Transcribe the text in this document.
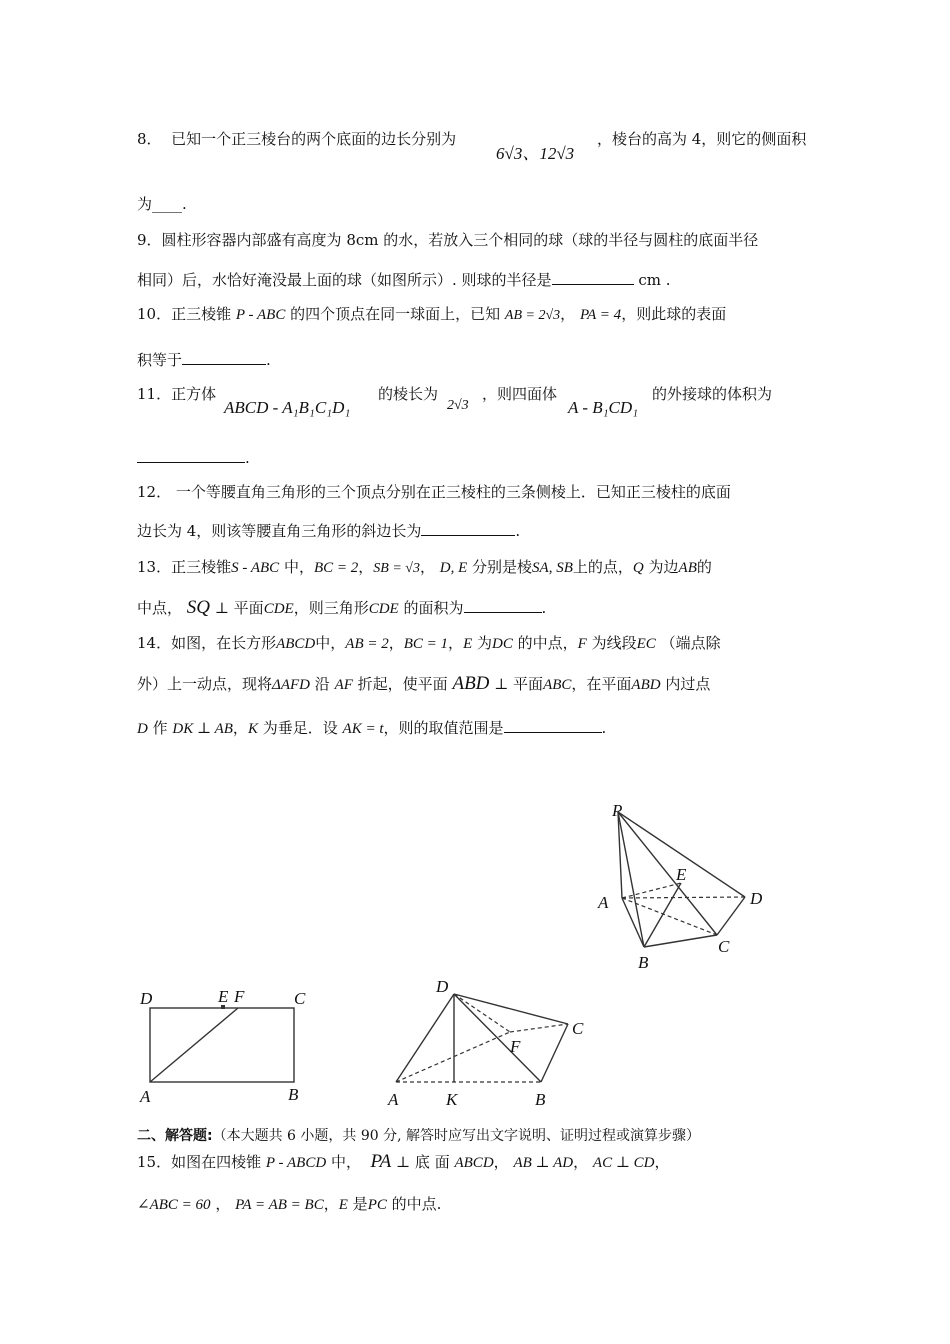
8． 已知一个正三棱台的两个底面的边长分别为
6√3、12√3
，棱台的高为 4，则它的侧面积
为____.
9．圆柱形容器内部盛有高度为 8cm 的水，若放入三个相同的球（球的半径与圆柱的底面半径
相同）后，水恰好淹没最上面的球（如图所示）. 则球的半径是	cm .
10．正三棱锥 P - ABC 的四个顶点在同一球面上，已知 AB = 2√3， PA = 4，则此球的表面
积等于	.
11．正方体
ABCD - A₁B₁C₁D₁
的棱长为
2√3
，则四面体
A - B₁CD₁
的外接球的体积为
.
12． 一个等腰直角三角形的三个顶点分别在正三棱柱的三条侧棱上．已知正三棱柱的底面
边长为 4，则该等腰直角三角形的斜边长为	.
13．正三棱锥S - ABC 中，BC = 2，SB = √3， D, E 分别是棱SA, SB上的点，Q 为边AB的
中点， SQ ⊥ 平面CDE，则三角形CDE 的面积为	.
14．如图，在长方形ABCD中，AB = 2，BC = 1，E 为DC 的中点，F 为线段EC （端点除
外）上一动点，现将ΔAFD 沿 AF 折起，使平面 ABD ⊥ 平面ABC，在平面ABD 内过点
D 作 DK ⊥ AB，K 为垂足．设 AK = t，则的取值范围是	.
P
E
A	D
B
C
D	E F	C
A	B
D
C
F
A	K	B
二、解答题:（本大题共 6 小题，共 90 分, 解答时应写出文字说明、证明过程或演算步骤）
15．如图在四棱锥 P - ABCD 中， PA ⊥ 底 面 ABCD， AB ⊥ AD， AC ⊥ CD，
∠ABC = 60 ， PA = AB = BC，E 是PC 的中点.
